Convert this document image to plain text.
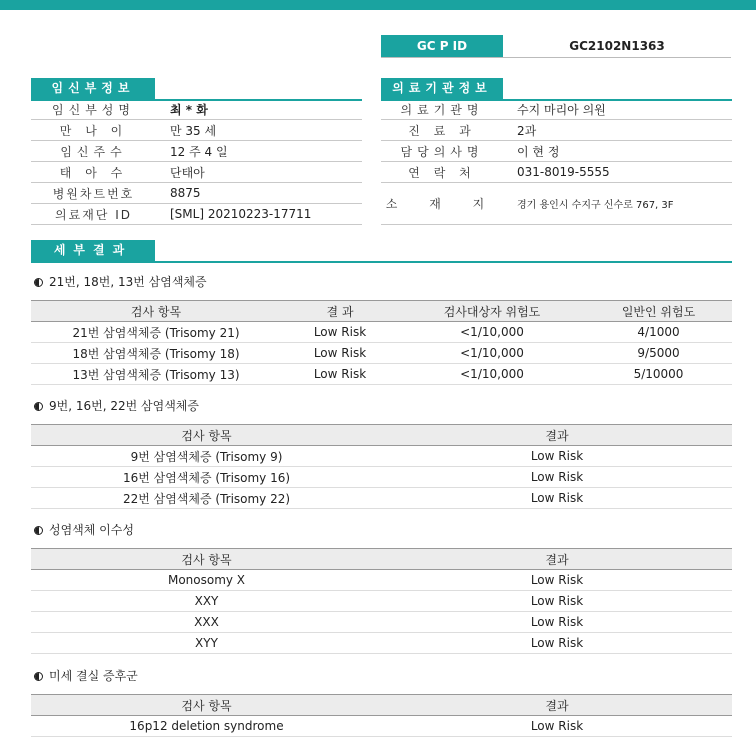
GC P ID	GC2102N1363
임신부정보	의료기관정보
임신부성명	최 * 화
만 나 이	만 35 세
임신주수	12 주 4 일
태 아 수	단태아
병원차트번호	8875
의료재단 ID	[SML] 20210223-17711
의료기관명	수지 마리아 의원
진 료 과	2과
담당의사명	이 현 정
연 락 처	031-8019-5555
소 재 지	경기 용인시 수지구 신수로 767, 3F
세부결과
21번, 18번, 13번 삼염색체증
검사 항목	결 과	검사대상자 위험도	일반인 위험도
21번 삼염색체증 (Trisomy 21)	Low Risk	<1/10,000	4/1000
18번 삼염색체증 (Trisomy 18)	Low Risk	<1/10,000	9/5000
13번 삼염색체증 (Trisomy 13)	Low Risk	<1/10,000	5/10000
9번, 16번, 22번 삼염색체증
검사 항목	결과
9번 삼염색체증 (Trisomy 9)	Low Risk
16번 삼염색체증 (Trisomy 16)	Low Risk
22번 삼염색체증 (Trisomy 22)	Low Risk
성염색체 이수성
검사 항목	결과
Monosomy X	Low Risk
XXY	Low Risk
XXX	Low Risk
XYY	Low Risk
미세 결실 증후군
검사 항목	결과
16p12 deletion syndrome	Low Risk
